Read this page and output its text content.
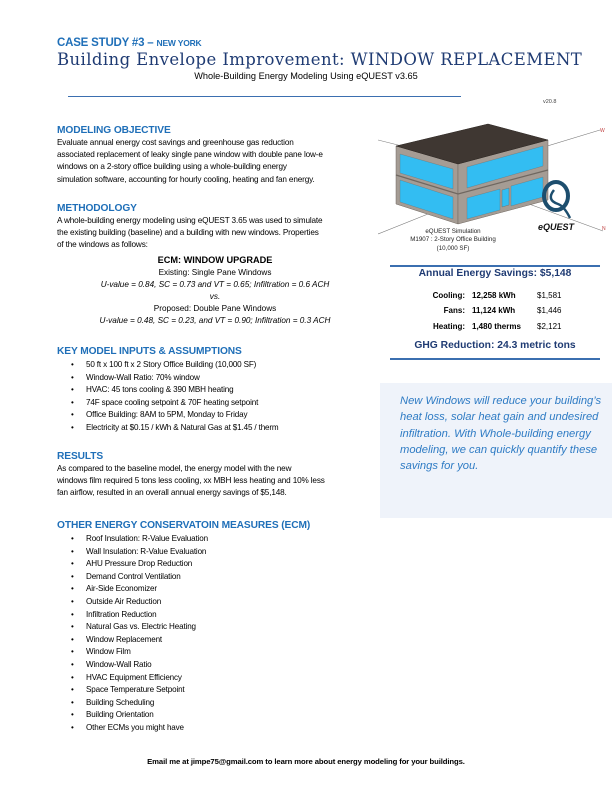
CASE STUDY #3 – NEW YORK
Building Envelope Improvement: WINDOW REPLACEMENT
Whole-Building Energy Modeling Using eQUEST v3.65
v20.8
MODELING OBJECTIVE
Evaluate annual energy cost savings and greenhouse gas reduction
associated replacement of leaky single pane window with double pane low-e
windows on a 2-story office building using a whole-building energy
simulation software, accounting for hourly cooling, heating and fan energy.
METHODOLOGY
A whole-building energy modeling using eQUEST 3.65 was used to simulate
the existing building (baseline) and a building with new windows. Properties
of the windows as follows:
ECM: WINDOW UPGRADE
Existing: Single Pane Windows
U-value = 0.84, SC = 0.73 and VT = 0.65; Infiltration = 0.6 ACH
vs.
Proposed: Double Pane Windows
U-value = 0.48, SC = 0.23, and VT = 0.90; Infiltration = 0.3 ACH
KEY MODEL INPUTS & ASSUMPTIONS
• 50 ft x 100 ft x 2 Story Office Building (10,000 SF)
• Window-Wall Ratio: 70% window
• HVAC: 45 tons cooling & 390 MBH heating
• 74F space cooling setpoint & 70F heating setpoint
• Office Building: 8AM to 5PM, Monday to Friday
• Electricity at $0.15 / kWh & Natural Gas at $1.45 / therm
RESULTS
As compared to the baseline model, the energy model with the new
windows film required 5 tons less cooling, xx MBH less heating and 10% less
fan airflow, resulted in an overall annual energy savings of $5,148.
OTHER ENERGY CONSERVATOIN MEASURES (ECM)
• Roof Insulation: R-Value Evaluation
• Wall Insulation: R-Value Evaluation
• AHU Pressure Drop Reduction
• Demand Control Ventilation
• Air-Side Economizer
• Outside Air Reduction
• Infiltration Reduction
• Natural Gas vs. Electric Heating
• Window Replacement
• Window Film
• Window-Wall Ratio
• HVAC Equipment Efficiency
• Space Temperature Setpoint
• Building Scheduling
• Building Orientation
• Other ECMs you might have
W
N
eQUEST
eQUEST Simulation
M1907 : 2-Story Office Building
(10,000 SF)
Annual Energy Savings: $5,148
Cooling: 12,258 kWh	$1,581
Fans: 11,124 kWh	$1,446
Heating: 1,480 therms $2,121
GHG Reduction: 24.3 metric tons
New Windows will reduce your building’s heat loss, solar heat gain and undesired infiltration. With Whole-building energy modeling, we can quickly quantify these savings for you.
Email me at jimpe75@gmail.com to learn more about energy modeling for your buildings.
